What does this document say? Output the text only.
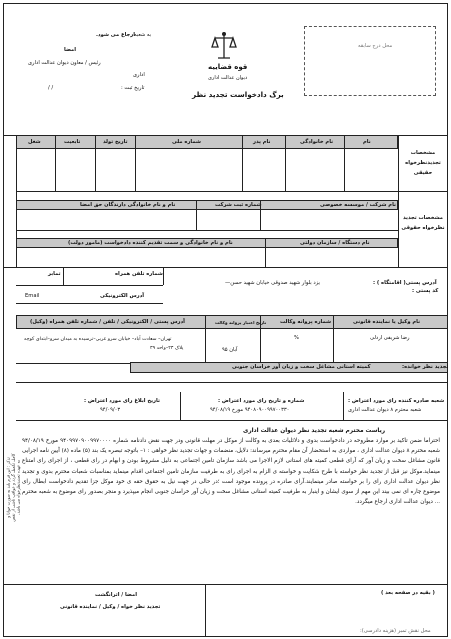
تذکر : این فرم باید به صورت خوانا و کامل تکمیل گردد و عواقب ناشی از نقص به عهده تجدیدنظرخواه می باشد.
ارجاع می شود.
به شعبه
امضا
رئیس / معاون دیوان عدالت اداری
اداری
تاریخ ثبت :
/ /
قوه قضاییه
دیوان عدالت اداری
برگ دادخواست تجدید نظر
محل درج سابقه
نام
نام خانوادگی
نام پدر
شماره ملی
تاریخ تولد
تابعیت
شغل
مشخصات تجدیدنظرخواه حقیقی
نام شرکت / موسسه خصوصی
شماره ثبت شرکت
نام و نام خانوادگی دارندگان حق امضا
نام دستگاه / سازمان دولتی
نام و نام خانوادگی و سمت تقدیم کننده دادخواست (مامور دولت)
مشخصات تجدید نظرخواه حقوقی
آدرس پستی( اقامتگاه ) :
یزد بلوار شهید صدوقی خیابان شهید حسن—
کد پستی :
شماره تلفن همراه
تمابر
Email	آدرس الکترونیکی
نام وکیل یا نماینده قانونی
شماره پروانه وکالت
تاریخ اعتبار پروانه وکالت
آدرس پستی / الکترونیکی / تلفن / شماره تلفن همراه (وکیل)
رضا شریفی اردلی
%
آبان ۹۵
تهران– سعادت آباد– خیابان سرو غربی–ترسیده به میدان سرو–ابتدای کوچه
پلاک ۲۳–واحد ۳۹
تجدید نظر خوانده:
کمیته استانی مشاغل سخت و زیان آور خراسان جنوبی
شعبه صادره کننده رای مورد اعتراض :
شعبه محترم ۸ دیوان عدالت اداری
شماره و تاریخ رای مورد اعتراض :
۹۴۰۸۰۹۰۰۹۹۷۰۰۳۳۰ مورخ ۹۴/۰۸/۱۹
تاریخ ابلاغ رای مورد اعتراض :
۹۴/۰۹/۰۳
ریاست محترم شعبه تجدید نظر دیوان عدالت اداری
احتراما ضمن تاکید بر موارد مطروحه در دادخواست بدوی و دلائلیات بعدی به وکالت از موکل در مهلت قانونی ودر جهت نقض دادنامه شماره ۹۴۰۹۹۷۰۹۰۰۹۹۷۰۰۰۰ مورخ ۹۴/۰۸/۱۹ شعبه محترم ۸ دیوان عدالت اداری ، مواردی به استحضار آن مقام محترم میرساند: دلایل، منضمات و جهات تجدید نظر خواهی : ۱– باتوجه تبصره یک بند (۵) ماده (۸) آیین نامه اجرایی قانون مشاغل سخت و زیان آور که آرای قطعی کمیته های استانی لازم الاجرا می باشد سازمان تامین اجتماعی به دلیل مشروط بودن و ابهام در رای قطعی ، از اجرای رای امتناع مینماید.موکل نیز قبل از تجدید نظر خواسته با طرح شکایت و خواسته ی الزام به اجرای رای به طرفیت سازمان تامین اجتماعی اقدام مینماید بمناسبات شعبات محترم بدوی و تجدید نظر دیوان عدالت اداری رای را بر خواسته صادر مینمایند.آرای صادره در پرونده موجود است ؛در حالی در جهت نیل به حقوق حقه ی خود موکل جزا تقدیم دادخواست ابطال رای موضوع چاره ای نمی بیند این مهم از سوی ایشان و اینبار به طرفیت کمیته استانی مشاغل سخت و زیان آور خراسان جنوبی انجام میپذیرد و منجر بصدور رای موضوع به شعبه محترم ... دیوان عدالت اداری ارجاع میگردد.
( بقیه در صفحه بعد )
محل نقش تمبر (هزینه دادرسی):
امضا / اثرانگشت
تجدید نظر خواه / وکیل / نماینده قانونی
